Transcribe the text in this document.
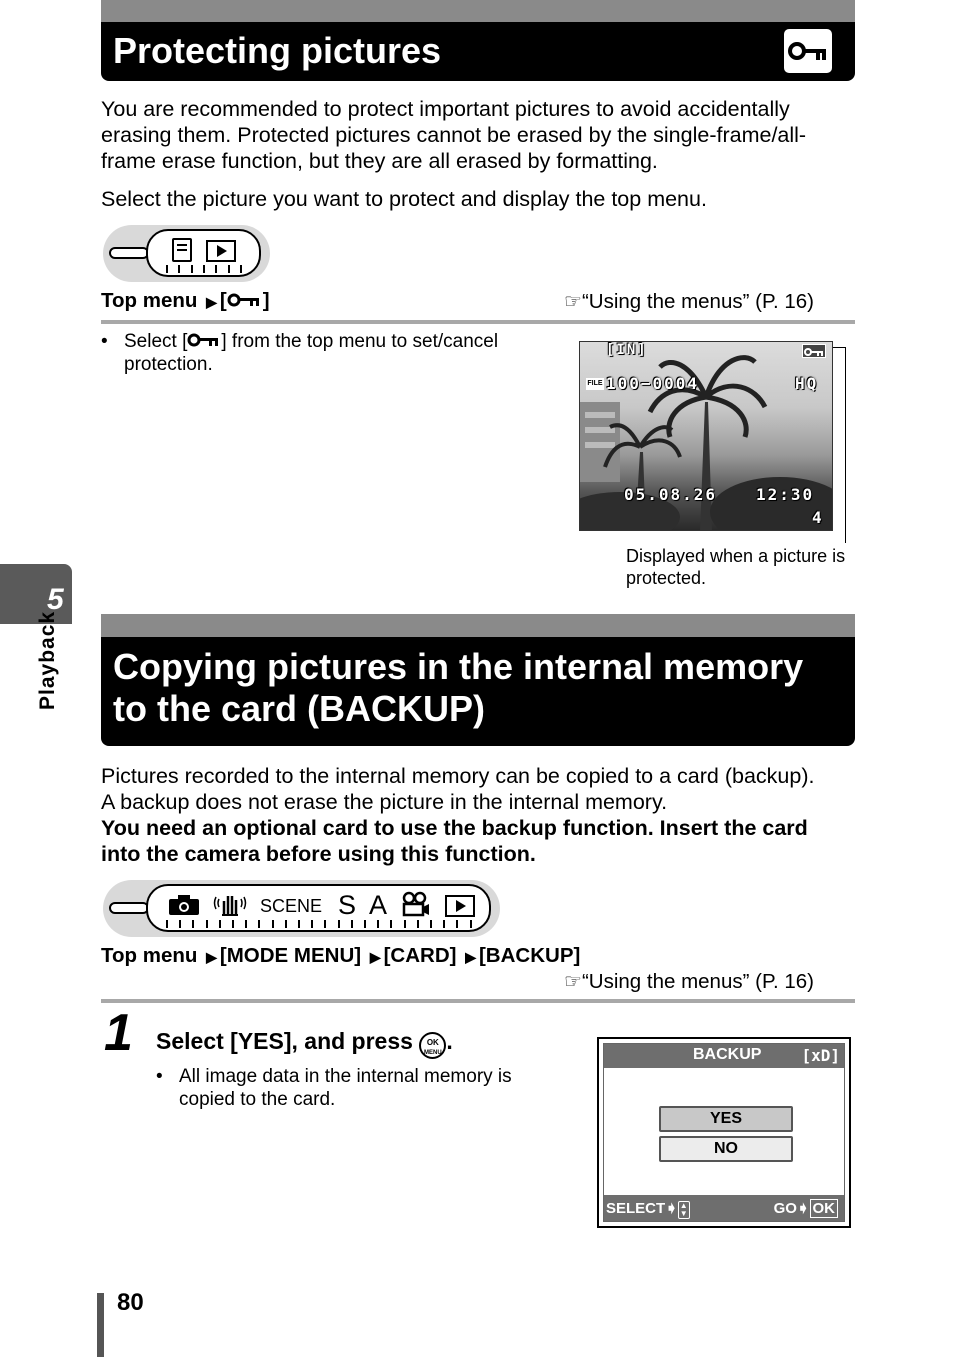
Protecting pictures
You are recommended to protect important pictures to avoid accidentally erasing them. Protected pictures cannot be erased by the single-frame/all-frame erase function, but they are all erased by formatting.
Select the picture you want to protect and display the top menu.
Top menu ▶ [ ]	☞“Using the menus” (P. 16)
• Select [ ] from the top menu to set/cancel protection.
[IN]
FILE 100−0004	HQ
05.08.26 12:30
4
Displayed when a picture is protected.
5
Playback Copying pictures in the internal memory
to the card (BACKUP)
Pictures recorded to the internal memory can be copied to a card (backup).
A backup does not erase the picture in the internal memory.
You need an optional card to use the backup function. Insert the card
into the camera before using this function.
SCENE S A
Top menu ▶ [MODE MENU] ▶ [CARD] ▶ [BACKUP]
☞“Using the menus” (P. 16)
1 Select [YES], and press OK
MENU .
• All image data in the internal memory is copied to the card.
BACKUP	[xD]
YES
NO
SELECT➧ ▲
▼	GO➧ OK
80
